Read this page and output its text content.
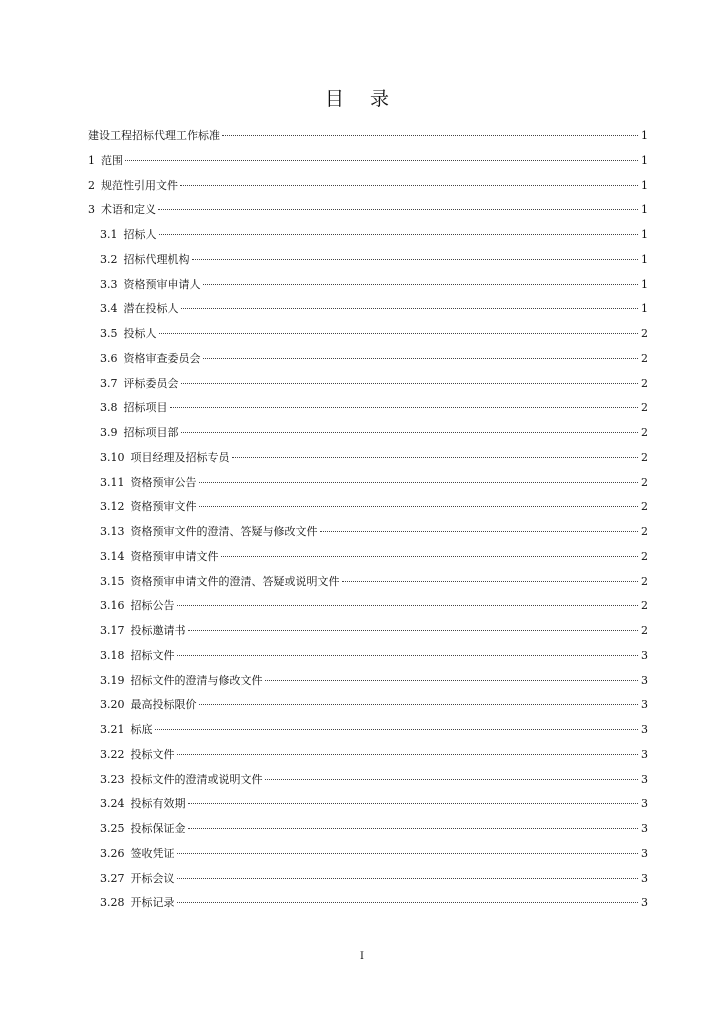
目 录
建设工程招标代理工作标准	1
1 范围	1
2 规范性引用文件	1
3 术语和定义	1
3.1 招标人	1
3.2 招标代理机构	1
3.3 资格预审申请人	1
3.4 潜在投标人	1
3.5 投标人	2
3.6 资格审查委员会	2
3.7 评标委员会	2
3.8 招标项目	2
3.9 招标项目部	2
3.10 项目经理及招标专员	2
3.11 资格预审公告	2
3.12 资格预审文件	2
3.13 资格预审文件的澄清、答疑与修改文件	2
3.14 资格预审申请文件	2
3.15 资格预审申请文件的澄清、答疑或说明文件	2
3.16 招标公告	2
3.17 投标邀请书	2
3.18 招标文件	3
3.19 招标文件的澄清与修改文件	3
3.20 最高投标限价	3
3.21 标底	3
3.22 投标文件	3
3.23 投标文件的澄清或说明文件	3
3.24 投标有效期	3
3.25 投标保证金	3
3.26 签收凭证	3
3.27 开标会议	3
3.28 开标记录	3
I
